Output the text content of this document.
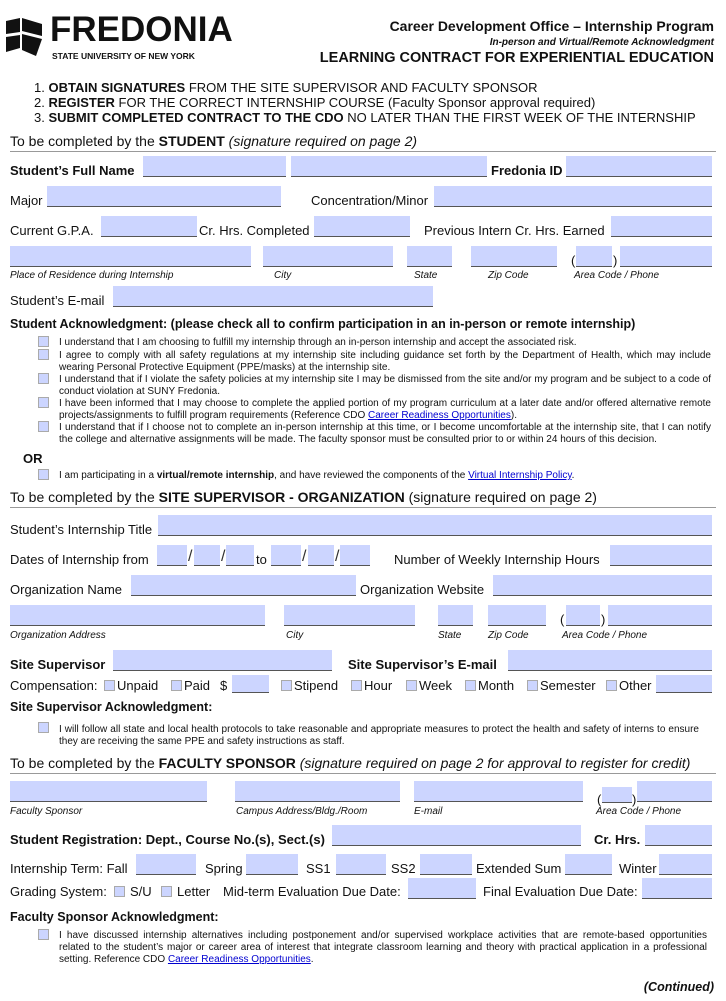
FREDONIA
STATE UNIVERSITY OF NEW YORK
Career Development Office – Internship Program
In-person and Virtual/Remote Acknowledgment
LEARNING CONTRACT FOR EXPERIENTIAL EDUCATION
1. OBTAIN SIGNATURES FROM THE SITE SUPERVISOR AND FACULTY SPONSOR
2. REGISTER FOR THE CORRECT INTERNSHIP COURSE (Faculty Sponsor approval required)
3. SUBMIT COMPLETED CONTRACT TO THE CDO NO LATER THAN THE FIRST WEEK OF THE INTERNSHIP
To be completed by the STUDENT (signature required on page 2)
Student’s Full Name	Fredonia ID
Major	Concentration/Minor
Current G.P.A.	Cr. Hrs. Completed	Previous Intern Cr. Hrs. Earned
(	)
Place of Residence during Internship	City	State	Zip Code	Area Code / Phone
Student’s E-mail
Student Acknowledgment: (please check all to confirm participation in an in-person or remote internship)
I understand that I am choosing to fulfill my internship through an in-person internship and accept the associated risk.
I agree to comply with all safety regulations at my internship site including guidance set forth by the Department of Health, which may include wearing Personal Protective Equipment (PPE/masks) at the internship site.
I understand that if I violate the safety policies at my internship site I may be dismissed from the site and/or my program and be subject to a code of conduct violation at SUNY Fredonia.
I have been informed that I may choose to complete the applied portion of my program curriculum at a later date and/or offered alternative remote projects/assignments to fulfill program requirements (Reference CDO Career Readiness Opportunities).
I understand that if I choose not to complete an in-person internship at this time, or I become uncomfortable at the internship site, that I can notify the college and alternative assignments will be made. The faculty sponsor must be consulted prior to or within 24 hours of this decision.
OR
I am participating in a virtual/remote internship, and have reviewed the components of the Virtual Internship Policy.
To be completed by the SITE SUPERVISOR - ORGANIZATION (signature required on page 2)
Student’s Internship Title
Dates of Internship from / / to / /	Number of Weekly Internship Hours
Organization Name	Organization Website
(	)
Organization Address	City	State	Zip Code	Area Code / Phone
Site Supervisor	Site Supervisor’s E-mail
Compensation: Unpaid Paid $	Stipend Hour Week Month Semester Other
Site Supervisor Acknowledgment:
I will follow all state and local health protocols to take reasonable and appropriate measures to protect the health and safety of interns to ensure they are receiving the same PPE and safety instructions as staff.
To be completed by the FACULTY SPONSOR (signature required on page 2 for approval to register for credit)
( )
Faculty Sponsor	Campus Address/Bldg./Room	E-mail	Area Code / Phone
Student Registration: Dept., Course No.(s), Sect.(s)	Cr. Hrs.
Internship Term: Fall	Spring	SS1	SS2	Extended Sum	Winter
Grading System: S/U Letter Mid-term Evaluation Due Date:	Final Evaluation Due Date:
Faculty Sponsor Acknowledgment:
I have discussed internship alternatives including postponement and/or supervised workplace activities that are remote-based opportunities related to the student’s major or career area of interest that integrate classroom learning and theory with practical application in a professional setting. Reference CDO Career Readiness Opportunities.
(Continued)
